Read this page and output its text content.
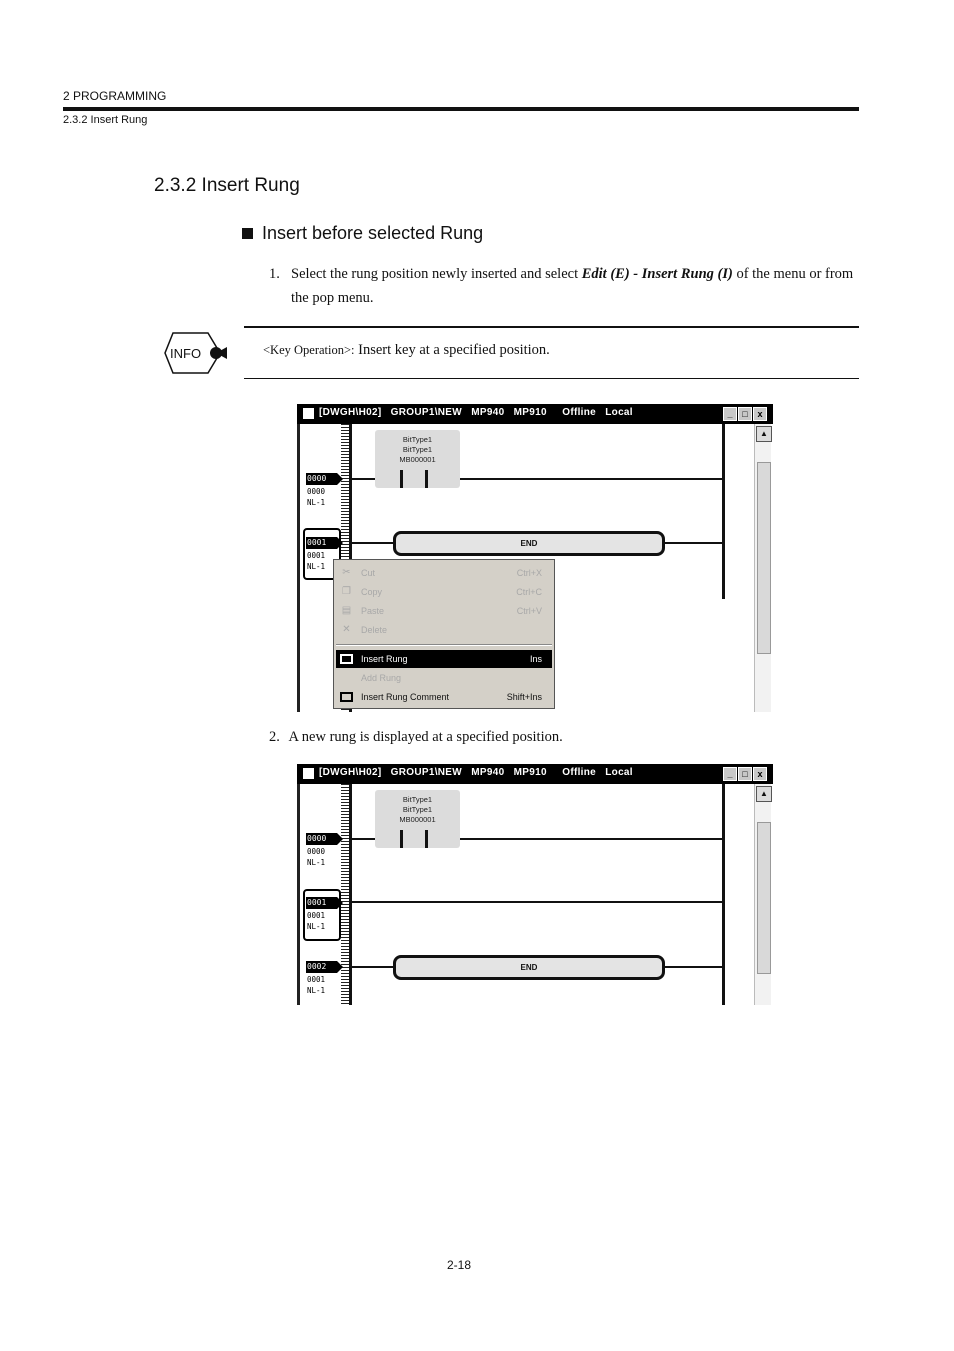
2 PROGRAMMING
2.3.2 Insert Rung
2.3.2 Insert Rung
Insert before selected Rung
1. Select the rung position newly inserted and select Edit (E) - Insert Rung (I) of the menu or from the pop menu.
INFO	<Key Operation>: Insert key at a specified position.
[DWGH\H02]   GROUP1\NEW   MP940   MP910     Offline   Local	_	□	x
0000
0000
NL-1
BitType1
BitType1
MB000001
0001
0001
NL-1
END
▲
✂ Cut	Ctrl+X
❐ Copy	Ctrl+C
▤ Paste	Ctrl+V
✕ Delete
Insert Rung	Ins
Add Rung
Insert Rung Comment	Shift+Ins
2. A new rung is displayed at a specified position.
[DWGH\H02]   GROUP1\NEW   MP940   MP910     Offline   Local	_	□	x
0000
0000
NL-1
BitType1
BitType1
MB000001
0001
0001
NL-1
0002
0001
NL-1
END
▲
2-18
